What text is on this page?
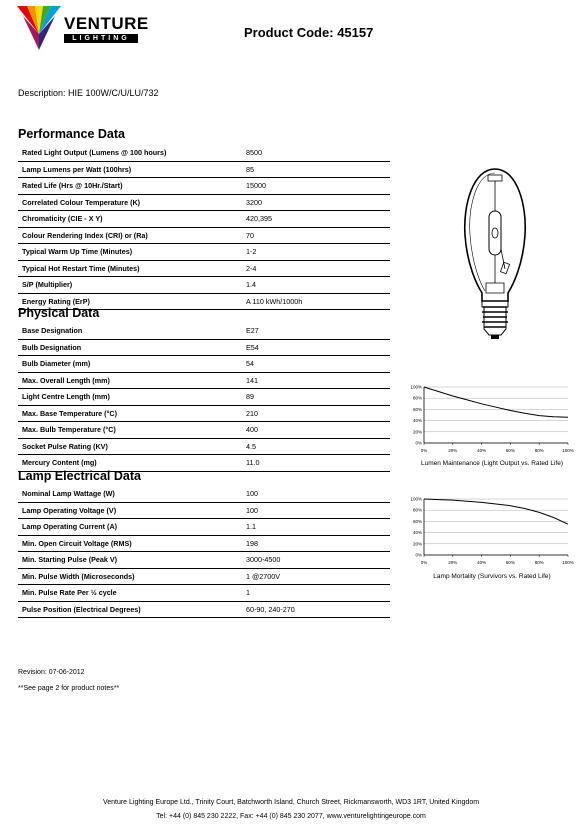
VENTURE
LIGHTING	Product Code: 45157
Description: HIE 100W/C/U/LU/732
Performance Data
Rated Light Output (Lumens @ 100 hours)	8500
Lamp Lumens per Watt (100hrs)	85
Rated Life (Hrs @ 10Hr./Start)	15000
Correlated Colour Temperature (K)	3200
Chromaticity (CIE - X Y)	420,395
Colour Rendering Index (CRI) or (Ra)	70
Typical Warm Up Time (Minutes)	1-2
Typical Hot Restart Time (Minutes)	2-4
S/P (Multiplier)	1.4
Energy Rating (ErP)	A 110 kWh/1000h
Physical Data
Base Designation	E27
Bulb Designation	E54
Bulb Diameter (mm)	54
Max. Overall Length (mm)	141
Light Centre Length (mm)	89
Max. Base Temperature (°C)	210
Max. Bulb Temperature (°C)	400
Socket Pulse Rating (KV)	4.5
Mercury Content (mg)	11.0
Lamp Electrical Data
Nominal Lamp Wattage (W)	100
Lamp Operating Voltage (V)	100
Lamp Operating Current (A)	1.1
Min. Open Circuit Voltage (RMS)	198
Min. Starting Pulse (Peak V)	3000-4500
Min. Pulse Width (Microseconds)	1 @2700V
Min. Pulse Rate Per ½ cycle	1
Pulse Position (Electrical Degrees)	60-90, 240-270
0%
20%
40%
60%
80%
100%
0%	20%	40%	60%	80%	100%
Lumen Maintenance (Light Output vs. Rated Life)
0%
20%
40%
60%
80%
100%
0%	20%	40%	60%	80%	100%
Lamp Mortality (Survivors vs. Rated Life)
Revision: 07-06-2012
**See page 2 for product notes**
Venture Lighting Europe Ltd., Trinity Court, Batchworth Island, Church Street, Rickmansworth, WD3 1RT, United Kingdom
Tel: +44 (0) 845 230 2222, Fax: +44 (0) 845 230 2077, www.venturelightingeurope.com
